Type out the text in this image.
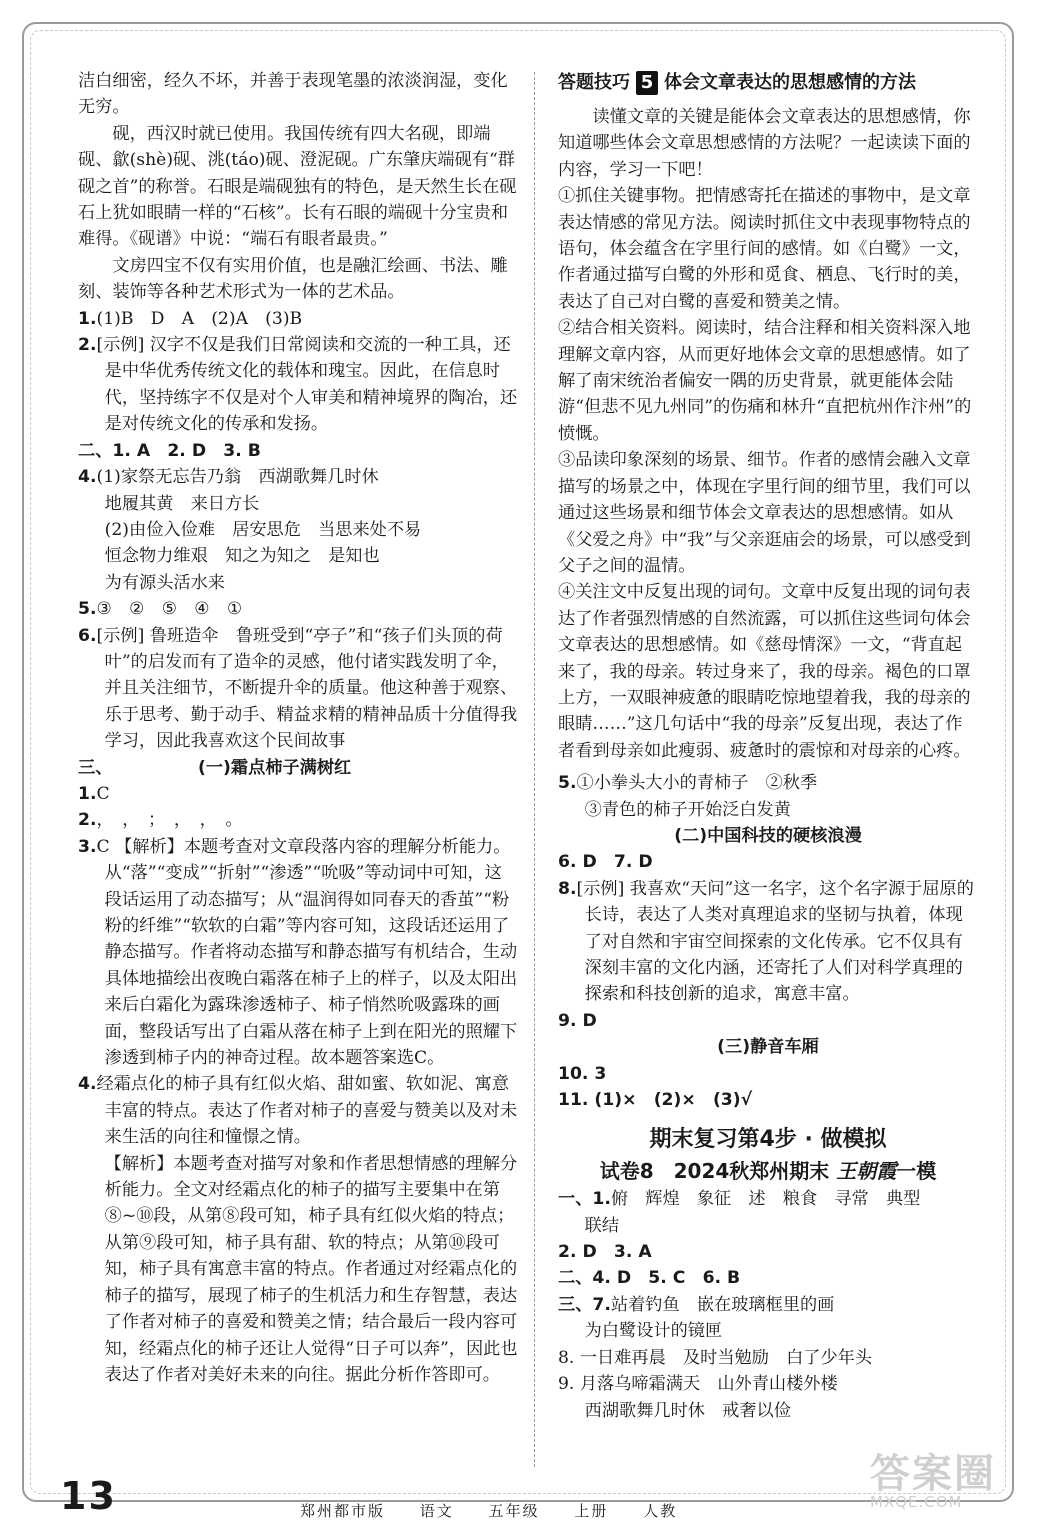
洁白细密，经久不坏，并善于表现笔墨的浓淡润湿，变化无穷。

砚，西汉时就已使用。我国传统有四大名砚，即端砚、歙(shè)砚、洮(táo)砚、澄泥砚。广东肇庆端砚有“群砚之首”的称誉。石眼是端砚独有的特色，是天然生长在砚石上犹如眼睛一样的“石核”。长有石眼的端砚十分宝贵和难得。《砚谱》中说：“端石有眼者最贵。”

文房四宝不仅有实用价值，也是融汇绘画、书法、雕刻、装饰等各种艺术形式为一体的艺术品。

1.(1)B　D　A　(2)A　(3)B

2.[示例] 汉字不仅是我们日常阅读和交流的一种工具，还是中华优秀传统文化的载体和瑰宝。因此，在信息时代，坚持练字不仅是对个人审美和精神境界的陶冶，还是对传统文化的传承和发扬。

二、1. A　2. D　3. B

4.(1)家祭无忘告乃翁　西湖歌舞几时休

地履其黄　来日方长

(2)由俭入俭难　居安思危　当思来处不易

恒念物力维艰　知之为知之　是知也

为有源头活水来

5.③　②　⑤　④　①

6.[示例] 鲁班造伞　鲁班受到“亭子”和“孩子们头顶的荷叶”的启发而有了造伞的灵感，他付诸实践发明了伞，并且关注细节，不断提升伞的质量。他这种善于观察、乐于思考、勤于动手、精益求精的精神品质十分值得我学习，因此我喜欢这个民间故事

三、	(一)霜点柿子满树红

1.C

2.，　，　；　，　，　。

3.C 【解析】本题考查对文章段落内容的理解分析能力。从“落”“变成”“折射”“渗透”“吮吸”等动词中可知，这段话运用了动态描写；从“温润得如同春天的香茧”“粉粉的纤维”“软软的白霜”等内容可知，这段话还运用了静态描写。作者将动态描写和静态描写有机结合，生动具体地描绘出夜晚白霜落在柿子上的样子，以及太阳出来后白霜化为露珠渗透柿子、柿子悄然吮吸露珠的画面，整段话写出了白霜从落在柿子上到在阳光的照耀下渗透到柿子内的神奇过程。故本题答案选C。

4.经霜点化的柿子具有红似火焰、甜如蜜、软如泥、寓意丰富的特点。表达了作者对柿子的喜爱与赞美以及对未来生活的向往和憧憬之情。

【解析】本题考查对描写对象和作者思想情感的理解分析能力。全文对经霜点化的柿子的描写主要集中在第⑧~⑩段，从第⑧段可知，柿子具有红似火焰的特点；从第⑨段可知，柿子具有甜、软的特点；从第⑩段可知，柿子具有寓意丰富的特点。作者通过对经霜点化的柿子的描写，展现了柿子的生机活力和生存智慧，表达了作者对柿子的喜爱和赞美之情；结合最后一段内容可知，经霜点化的柿子还让人觉得“日子可以奔”，因此也表达了作者对美好未来的向往。据此分析作答即可。

答题技巧 5 体会文章表达的思想感情的方法

读懂文章的关键是能体会文章表达的思想感情，你知道哪些体会文章思想感情的方法呢？一起读读下面的内容，学习一下吧！

①抓住关键事物。把情感寄托在描述的事物中，是文章表达情感的常见方法。阅读时抓住文中表现事物特点的语句，体会蕴含在字里行间的感情。如《白鹭》一文，作者通过描写白鹭的外形和觅食、栖息、飞行时的美，表达了自己对白鹭的喜爱和赞美之情。

②结合相关资料。阅读时，结合注释和相关资料深入地理解文章内容，从而更好地体会文章的思想感情。如了解了南宋统治者偏安一隅的历史背景，就更能体会陆游“但悲不见九州同”的伤痛和林升“直把杭州作汴州”的愤慨。

③品读印象深刻的场景、细节。作者的感情会融入文章描写的场景之中，体现在字里行间的细节里，我们可以通过这些场景和细节体会文章表达的思想感情。如从《父爱之舟》中“我”与父亲逛庙会的场景，可以感受到父子之间的温情。

④关注文中反复出现的词句。文章中反复出现的词句表达了作者强烈情感的自然流露，可以抓住这些词句体会文章表达的思想感情。如《慈母情深》一文，“背直起来了，我的母亲。转过身来了，我的母亲。褐色的口罩上方，一双眼神疲惫的眼睛吃惊地望着我，我的母亲的眼睛……”这几句话中“我的母亲”反复出现，表达了作者看到母亲如此瘦弱、疲惫时的震惊和对母亲的心疼。

5.①小拳头大小的青柿子　②秋季

③青色的柿子开始泛白发黄

(二)中国科技的硬核浪漫

6. D　7. D

8.[示例] 我喜欢“天问”这一名字，这个名字源于屈原的长诗，表达了人类对真理追求的坚韧与执着，体现了对自然和宇宙空间探索的文化传承。它不仅具有深刻丰富的文化内涵，还寄托了人们对科学真理的探索和科技创新的追求，寓意丰富。

9. D

(三)静音车厢

10. 3

11. (1)×　(2)×　(3)√

期末复习第4步 · 做模拟
试卷8　2024秋郑州期末 王朝霞一模

一、1.俯　辉煌　象征　述　粮食　寻常　典型

联结

2. D　3. A

二、4. D　5. C　6. B

三、7.站着钓鱼　嵌在玻璃框里的画

为白鹭设计的镜匣

8. 一日难再晨　及时当勉励　白了少年头

9. 月落乌啼霜满天　山外青山楼外楼

西湖歌舞几时休　戒奢以俭

13	郑州都市版 语文 五年级 上册 人教
答案圈
MXQE.COM
